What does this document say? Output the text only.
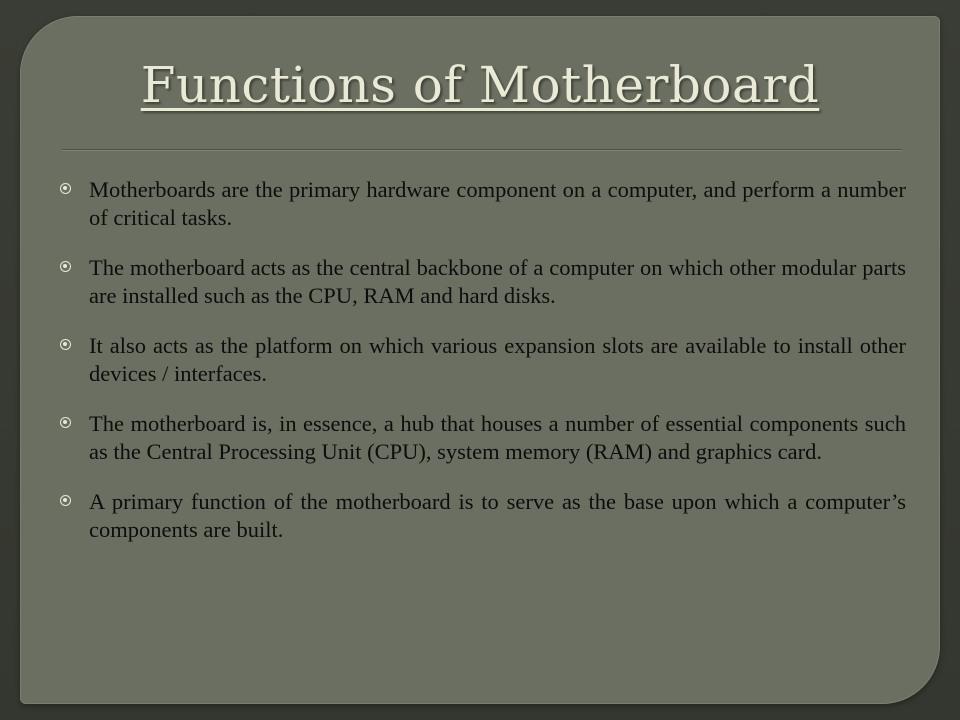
Functions of Motherboard
Motherboards are the primary hardware component on a computer, and perform a number of critical tasks.
The motherboard acts as the central backbone of a computer on which other modular parts are installed such as the CPU, RAM and hard disks.
It also acts as the platform on which various expansion slots are available to install other devices / interfaces.
The motherboard is, in essence, a hub that houses a number of essential components such as the Central Processing Unit (CPU), system memory (RAM) and graphics card.
A primary function of the motherboard is to serve as the base upon which a computer’s components are built.
